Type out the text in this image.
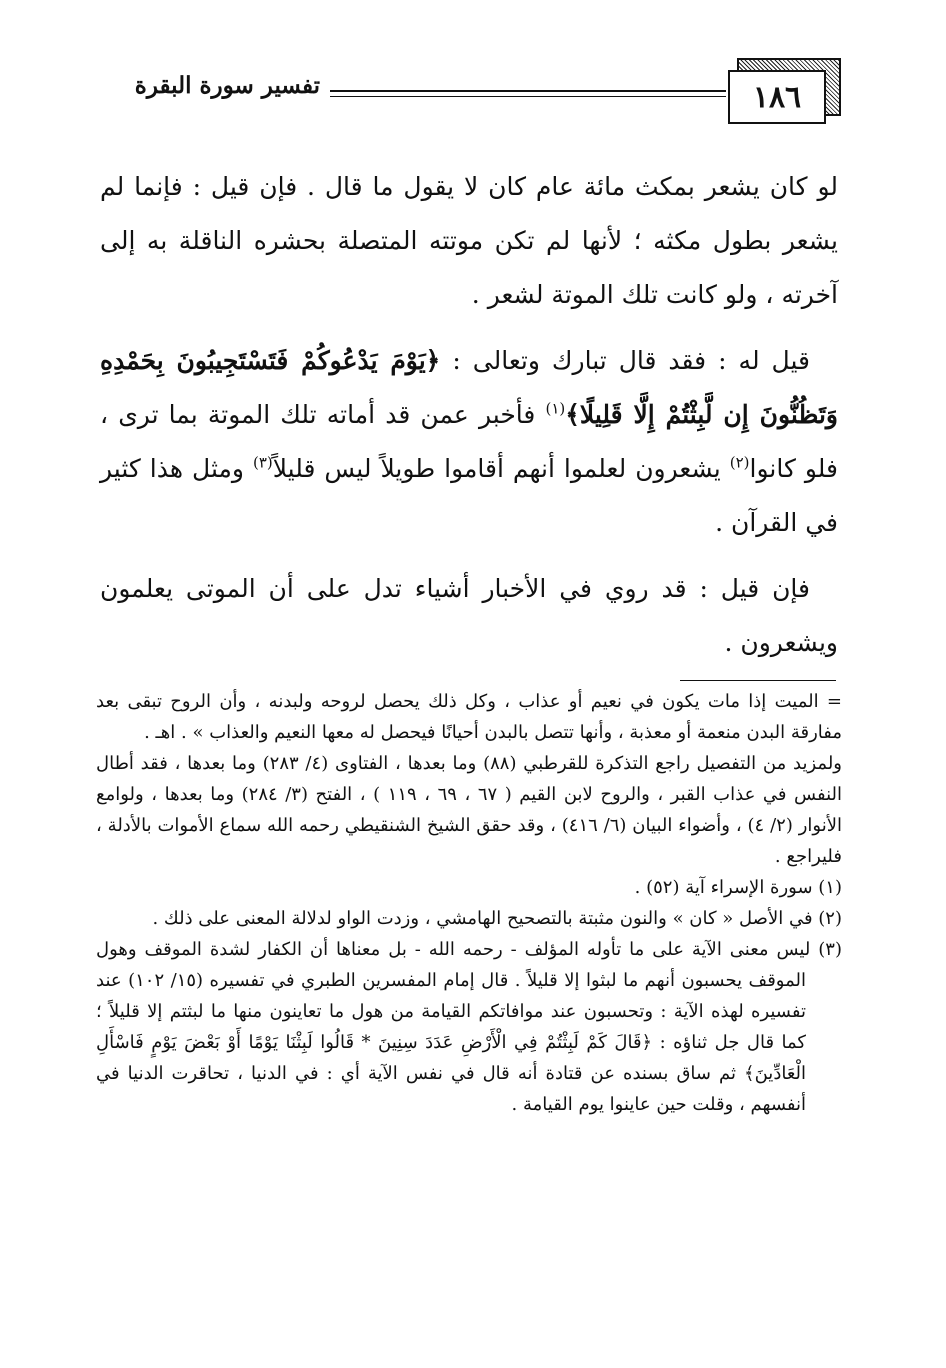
١٨٦
تفسير سورة البقرة

لو كان يشعر بمكث مائة عام كان لا يقول ما قال . فإن قيل : فإنما لم يشعر بطول مكثه ؛ لأنها لم تكن موتته المتصلة بحشره الناقلة به إلى آخرته ، ولو كانت تلك الموتة لشعر .

قيل له : فقد قال تبارك وتعالى : ﴿يَوْمَ يَدْعُوكُمْ فَتَسْتَجِيبُونَ بِحَمْدِهِ وَتَظُنُّونَ إِن لَّبِثْتُمْ إِلَّا قَلِيلًا﴾$^{(١)}$ فأخبر عمن قد أماته تلك الموتة بما ترى ، فلو كانوا$^{(٢)}$ يشعرون لعلموا أنهم أقاموا طويلاً ليس قليلاً$^{(٣)}$ ومثل هذا كثير في القرآن .

فإن قيل : قد روي في الأخبار أشياء تدل على أن الموتى يعلمون ويشعرون .

= الميت إذا مات يكون في نعيم أو عذاب ، وكل ذلك يحصل لروحه ولبدنه ، وأن الروح تبقى بعد مفارقة البدن منعمة أو معذبة ، وأنها تتصل بالبدن أحيانًا فيحصل له معها النعيم والعذاب » . اهـ .

ولمزيد من التفصيل راجع التذكرة للقرطبي (٨٨) وما بعدها ، الفتاوى (٤/ ٢٨٣) وما بعدها ، فقد أطال النفس في عذاب القبر ، والروح لابن القيم ( ٦٧ ، ٦٩ ، ١١٩ ) ، الفتح (٣/ ٢٨٤) وما بعدها ، ولوامع الأنوار (٢/ ٤) ، وأضواء البيان (٦/ ٤١٦) ، وقد حقق الشيخ الشنقيطي رحمه الله سماع الأموات بالأدلة ، فليراجع .

(١) سورة الإسراء آية (٥٢) .

(٢) في الأصل « كان » والنون مثبتة بالتصحيح الهامشي ، وزدت الواو لدلالة المعنى على ذلك .

(٣) ليس معنى الآية على ما تأوله المؤلف - رحمه الله - بل معناها أن الكفار لشدة الموقف وهول الموقف يحسبون أنهم ما لبثوا إلا قليلاً . قال إمام المفسرين الطبري في تفسيره (١٥/ ١٠٢) عند تفسيره لهذه الآية : وتحسبون عند موافاتكم القيامة من هول ما تعاينون منها ما لبثتم إلا قليلاً ؛ كما قال جل ثناؤه : ﴿قَالَ كَمْ لَبِثْتُمْ فِي الْأَرْضِ عَدَدَ سِنِينَ * قَالُوا لَبِثْنَا يَوْمًا أَوْ بَعْضَ يَوْمٍ فَاسْأَلِ الْعَادِّينَ﴾ ثم ساق بسنده عن قتادة أنه قال في نفس الآية أي : في الدنيا ، تحاقرت الدنيا في أنفسهم ، وقلت حين عاينوا يوم القيامة .
